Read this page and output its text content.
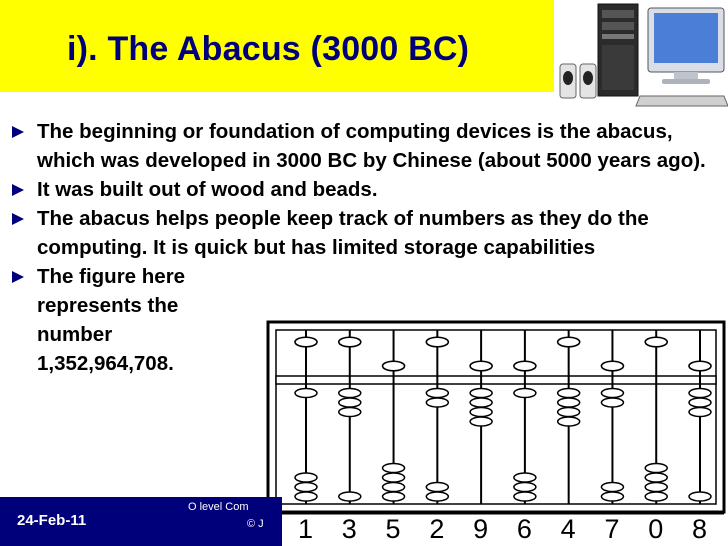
i). The Abacus (3000 BC)
The beginning or foundation of computing devices is the abacus, which was developed in 3000 BC by Chinese (about 5000 years ago).
It was built out of wood and beads.
The abacus helps people keep track of numbers as they do the computing. It is quick but has limited storage capabilities
The figure here
represents the
number
1,352,964,708.
24-Feb-11
O level Com
© J 1 3 5 2 9 6 4 7 0 8
